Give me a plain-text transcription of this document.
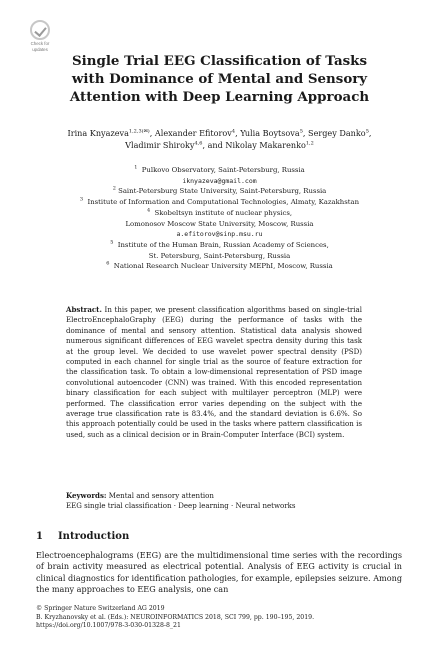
Check for
updates
Single Trial EEG Classification of Tasks
with Dominance of Mental and Sensory
Attention with Deep Learning Approach
Irina Knyazeva$^{1,2,3(✉)}$, Alexander Efitorov$^4$, Yulia Boytsova$^5$, Sergey Danko$^5$,
Vladimir Shiroky$^{4,6}$, and Nikolay Makarenko$^{1,2}$
$^1$ Pulkovo Observatory, Saint-Petersburg, Russia
iknyazeva@gmail.com
$^2$ Saint-Petersburg State University, Saint-Petersburg, Russia
$^3$ Institute of Information and Computational Technologies, Almaty, Kazakhstan
$^4$ Skobeltsyn institute of nuclear physics,
Lomonosov Moscow State University, Moscow, Russia
a.efitorov@sinp.msu.ru
$^5$ Institute of the Human Brain, Russian Academy of Sciences,
St. Petersburg, Saint-Petersburg, Russia
$^6$ National Research Nuclear University MEPhI, Moscow, Russia
Abstract. In this paper, we present classification algorithms based on single-trial ElectroEncephaloGraphy (EEG) during the performance of tasks with the dominance of mental and sensory attention. Statistical data analysis showed numerous significant differences of EEG wavelet spectra density during this task at the group level. We decided to use wavelet power spectral density (PSD) computed in each channel for single trial as the source of feature extraction for the classification task. To obtain a low-dimensional representation of PSD image convolutional autoencoder (CNN) was trained. With this encoded representation binary classification for each subject with multilayer perceptron (MLP) were performed. The classification error varies depending on the subject with the average true classification rate is 83.4%, and the standard deviation is 6.6%. So this approach potentially could be used in the tasks where pattern classification is used, such as a clinical decision or in Brain-Computer Interface (BCI) system.
Keywords: Mental and sensory attention
EEG single trial classification · Deep learning · Neural networks
1 Introduction
Electroencephalograms (EEG) are the multidimensional time series with the recordings of brain activity measured as electrical potential. Analysis of EEG activity is crucial in clinical diagnostics for identification pathologies, for example, epilepsies seizure. Among the many approaches to EEG analysis, one can
© Springer Nature Switzerland AG 2019
B. Kryzhanovsky et al. (Eds.): NEUROINFORMATICS 2018, SCI 799, pp. 190–195, 2019.
https://doi.org/10.1007/978-3-030-01328-8_21
